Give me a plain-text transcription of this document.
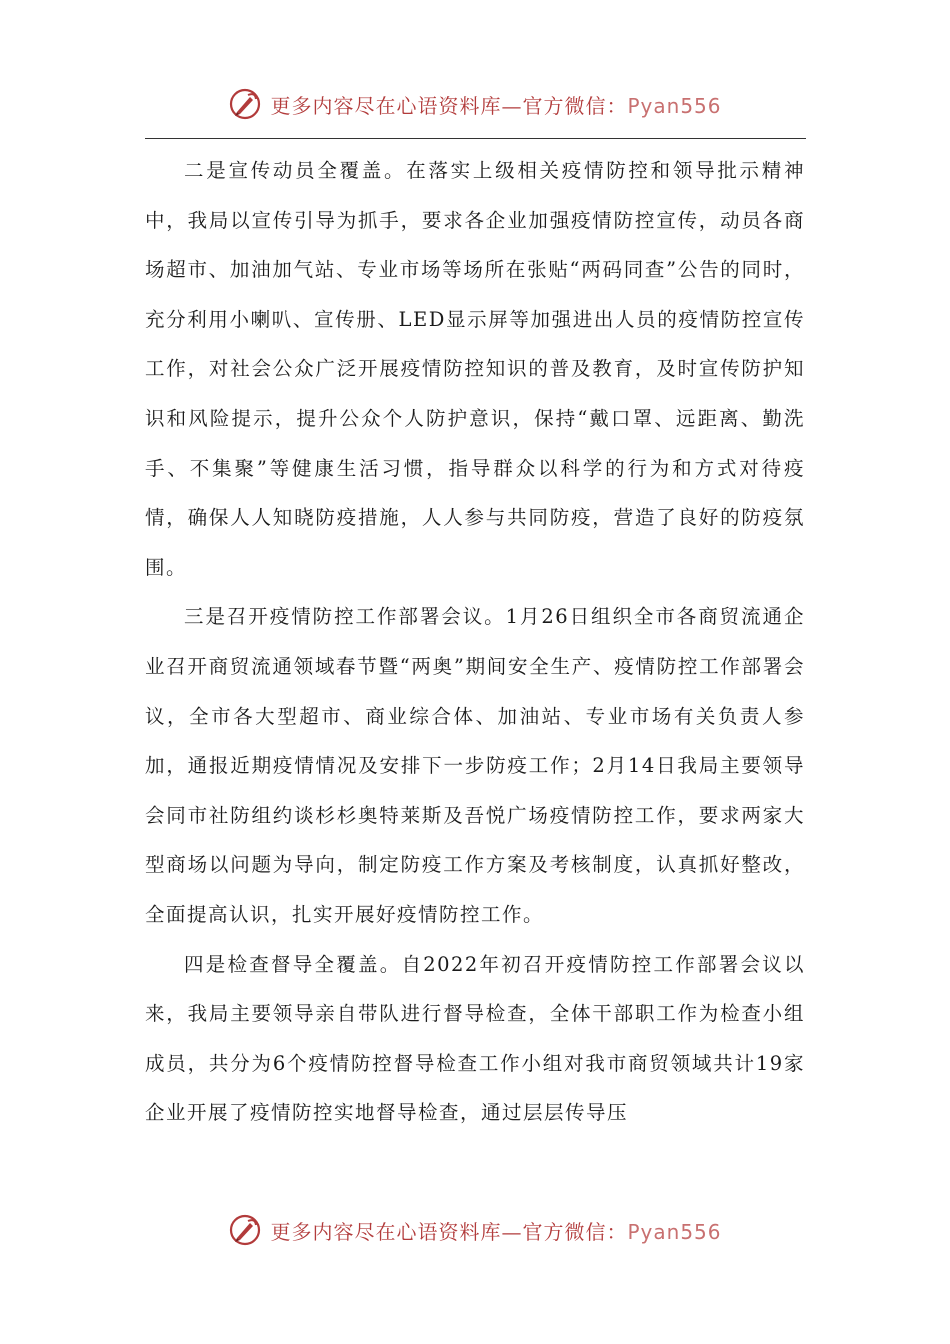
更多内容尽在心语资料库—官方微信：Pyan556

二是宣传动员全覆盖。在落实上级相关疫情防控和领导批示精神中，我局以宣传引导为抓手，要求各企业加强疫情防控宣传，动员各商场超市、加油加气站、专业市场等场所在张贴“两码同查”公告的同时，充分利用小喇叭、宣传册、LED显示屏等加强进出人员的疫情防控宣传工作，对社会公众广泛开展疫情防控知识的普及教育，及时宣传防护知识和风险提示，提升公众个人防护意识，保持“戴口罩、远距离、勤洗手、不集聚”等健康生活习惯，指导群众以科学的行为和方式对待疫情，确保人人知晓防疫措施，人人参与共同防疫，营造了良好的防疫氛围。

三是召开疫情防控工作部署会议。1月26日组织全市各商贸流通企业召开商贸流通领域春节暨“两奥”期间安全生产、疫情防控工作部署会议，全市各大型超市、商业综合体、加油站、专业市场有关负责人参加，通报近期疫情情况及安排下一步防疫工作；2月14日我局主要领导会同市社防组约谈杉杉奥特莱斯及吾悦广场疫情防控工作，要求两家大型商场以问题为导向，制定防疫工作方案及考核制度，认真抓好整改，全面提高认识，扎实开展好疫情防控工作。

四是检查督导全覆盖。自2022年初召开疫情防控工作部署会议以来，我局主要领导亲自带队进行督导检查，全体干部职工作为检查小组成员，共分为6个疫情防控督导检查工作小组对我市商贸领域共计19家企业开展了疫情防控实地督导检查，通过层层传导压

更多内容尽在心语资料库—官方微信：Pyan556
